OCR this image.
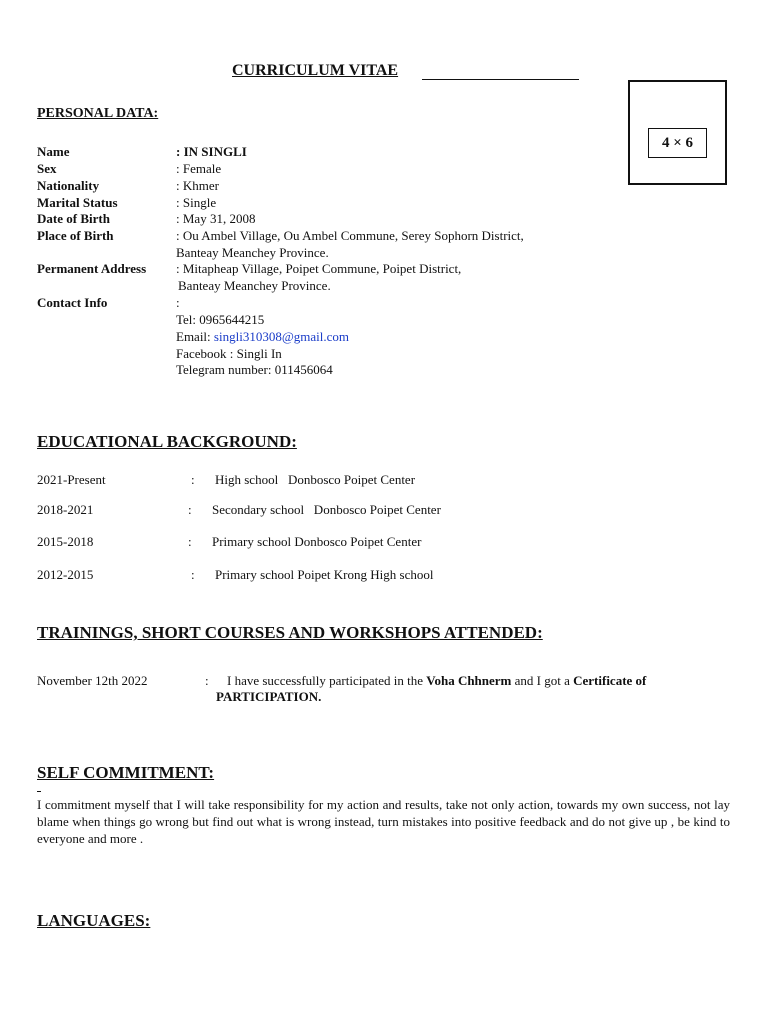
CURRICULUM VITAE
4 × 6
PERSONAL DATA:
Name	: IN SINGLI
Sex	: Female
Nationality	: Khmer
Marital Status	: Single
Date of Birth	: May 31, 2008
Place of Birth	: Ou Ambel Village, Ou Ambel Commune, Serey Sophorn District,
Banteay Meanchey Province.
Permanent Address : Mitapheap Village, Poipet Commune, Poipet District,
Banteay Meanchey Province.
Contact Info	:
Tel: 0965644215
Email: singli310308@gmail.com
Facebook : Singli In
Telegram number: 011456064
EDUCATIONAL BACKGROUND:
2021-Present	: High school   Donbosco Poipet Center
2018-2021	: Secondary school   Donbosco Poipet Center
2015-2018	: Primary school Donbosco Poipet Center
2012-2015	: Primary school Poipet Krong High school
TRAININGS, SHORT COURSES AND WORKSHOPS ATTENDED:
November 12th 2022	: I have successfully participated in the Voha Chhnerm and I got a Certificate of
PARTICIPATION.
SELF COMMITMENT:
I commitment myself that I will take responsibility for my action and results, take not only action, towards my own success, not lay blame when things go wrong but find out what is wrong instead, turn mistakes into positive feedback and do not give up , be kind to everyone and more .
LANGUAGES:
